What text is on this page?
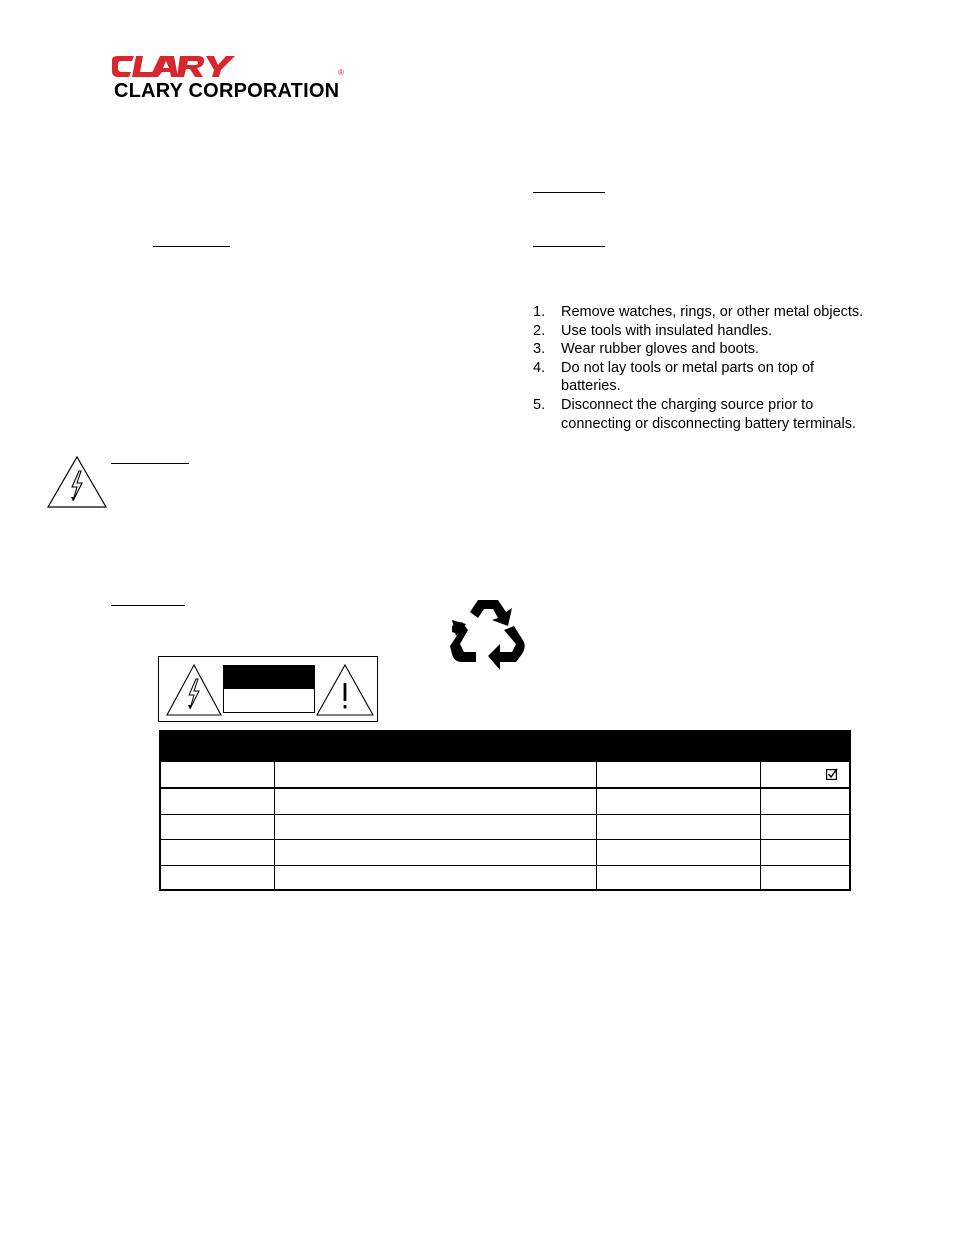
®
CLARY CORPORATION
1. Remove watches, rings, or other metal objects.
2. Use tools with insulated handles.
3. Wear rubber gloves and boots.
4. Do not lay tools or metal parts on top of
batteries.
5. Disconnect the charging source prior to
connecting or disconnecting battery terminals.
